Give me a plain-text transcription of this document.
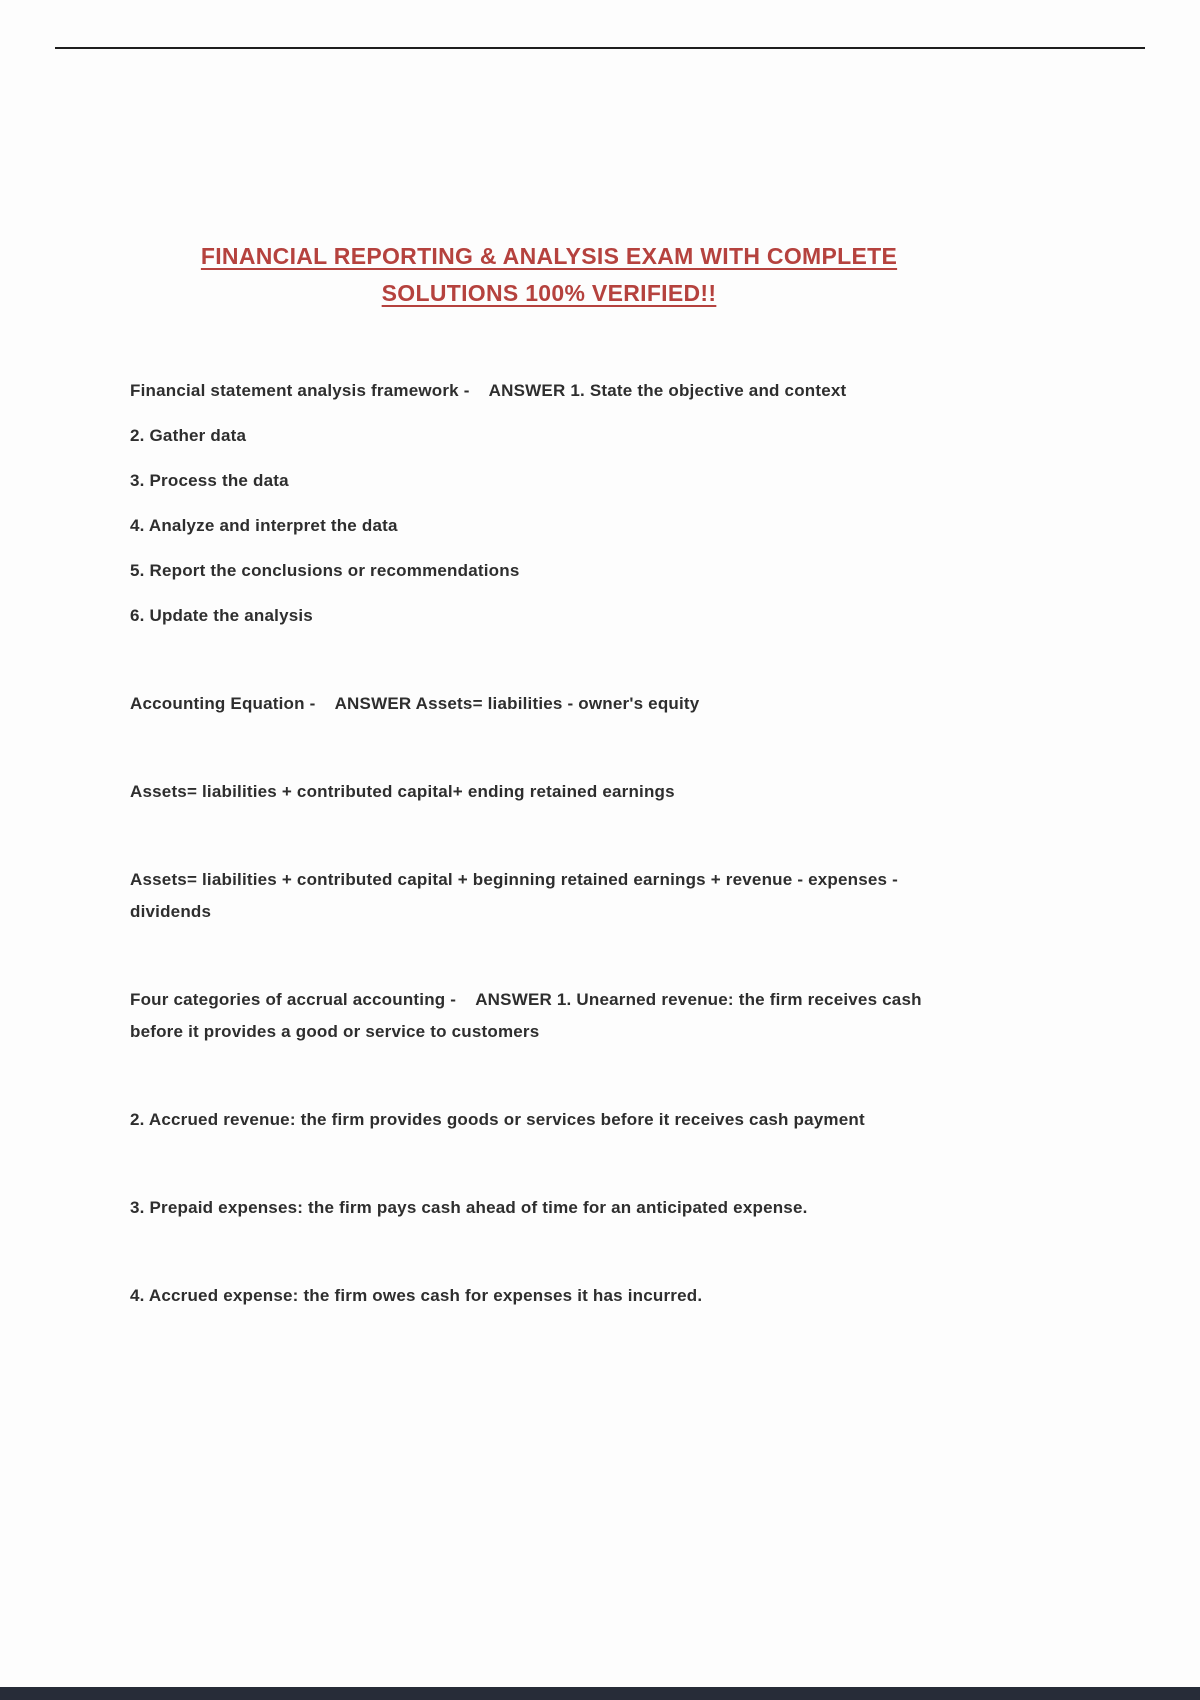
FINANCIAL REPORTING & ANALYSIS EXAM WITH COMPLETE
SOLUTIONS 100% VERIFIED!!

Financial statement analysis framework -    ANSWER 1. State the objective and context

2. Gather data

3. Process the data

4. Analyze and interpret the data

5. Report the conclusions or recommendations

6. Update the analysis

Accounting Equation -    ANSWER Assets= liabilities - owner's equity

Assets= liabilities + contributed capital+ ending retained earnings

Assets= liabilities + contributed capital + beginning retained earnings + revenue - expenses - dividends

Four categories of accrual accounting -    ANSWER 1. Unearned revenue: the firm receives cash before it provides a good or service to customers

2. Accrued revenue: the firm provides goods or services before it receives cash payment

3. Prepaid expenses: the firm pays cash ahead of time for an anticipated expense.

4. Accrued expense: the firm owes cash for expenses it has incurred.
